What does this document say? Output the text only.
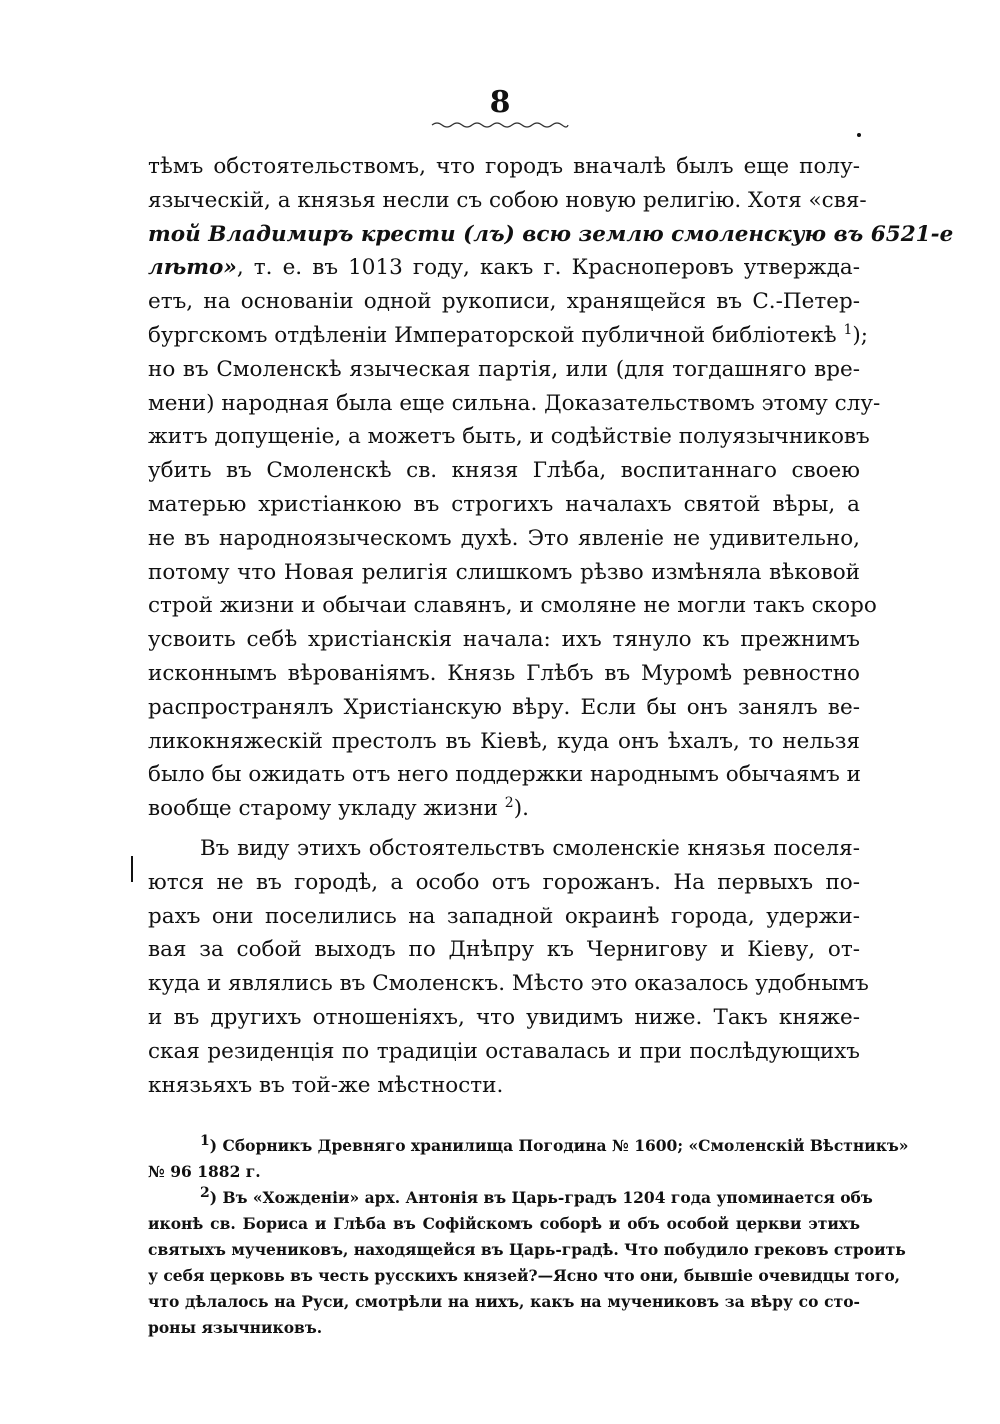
8
тѣмъ обстоятельствомъ, что городъ вначалѣ былъ еще полу-
языческій, а князья несли съ собою новую религію. Хотя «свя-
той Владимиръ крести (лъ) всю землю смоленскую въ 6521-е
лѣто», т. е. въ 1013 году, какъ г. Красноперовъ утвержда-
етъ, на основаніи одной рукописи, хранящейся въ С.-Петер-
бургскомъ отдѣленіи Императорской публичной библіотекѣ $^1$);
но въ Смоленскѣ языческая партія, или (для тогдашняго вре-
мени) народная была еще сильна. Доказательствомъ этому слу-
житъ допущеніе, а можетъ быть, и содѣйствіе полуязычниковъ
убить въ Смоленскѣ св. князя Глѣба, воспитаннаго своею
матерью христіанкою въ строгихъ началахъ святой вѣры, а
не въ народноязыческомъ духѣ. Это явленіе не удивительно,
потому что Новая религія слишкомъ рѣзво измѣняла вѣковой
строй жизни и обычаи славянъ, и смоляне не могли такъ скоро
усвоить себѣ христіанскія начала: ихъ тянуло къ прежнимъ
исконнымъ вѣрованіямъ. Князь Глѣбъ въ Муромѣ ревностно
распространялъ Христіанскую вѣру. Если бы онъ занялъ ве-
ликокняжескій престолъ въ Кіевѣ, куда онъ ѣхалъ, то нельзя
было бы ожидать отъ него поддержки народнымъ обычаямъ и
вообще старому укладу жизни $^2$).
Въ виду этихъ обстоятельствъ смоленскіе князья поселя-
ются не въ городѣ, а особо отъ горожанъ. На первыхъ по-
рахъ они поселились на западной окраинѣ города, удержи-
вая за собой выходъ по Днѣпру къ Чернигову и Кіеву, от-
куда и являлись въ Смоленскъ. Мѣсто это оказалось удобнымъ
и въ другихъ отношеніяхъ, что увидимъ ниже. Такъ княже-
ская резиденція по традиціи оставалась и при послѣдующихъ
князьяхъ въ той-же мѣстности.
$^1$) Сборникъ Древняго хранилища Погодина № 1600; «Смоленскій Вѣстникъ»
№ 96 1882 г.
$^2$) Въ «Хожденіи» арх. Антонія въ Царь-градъ 1204 года упоминается объ
иконѣ св. Бориса и Глѣба въ Софійскомъ соборѣ и объ особой церкви этихъ
святыхъ мучениковъ, находящейся въ Царь-градѣ. Что побудило грековъ строить
у себя церковь въ честь русскихъ князей?—Ясно что они, бывшіе очевидцы того,
что дѣлалось на Руси, смотрѣли на нихъ, какъ на мучениковъ за вѣру со сто-
роны язычниковъ.
